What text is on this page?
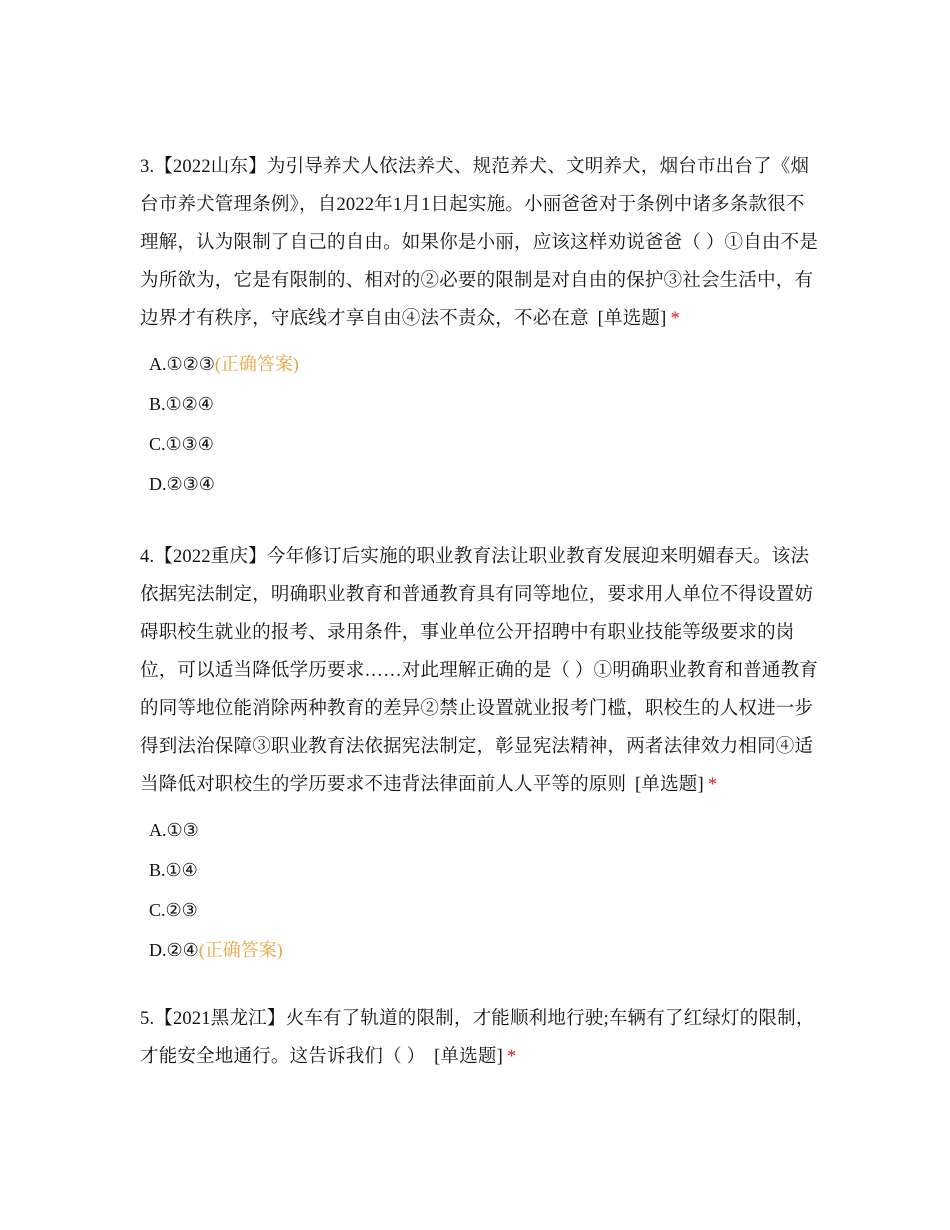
3.【2022山东】为引导养犬人依法养犬、规范养犬、文明养犬，烟台市出台了《烟台市养犬管理条例》，自2022年1月1日起实施。小丽爸爸对于条例中诸多条款很不理解，认为限制了自己的自由。如果你是小丽，应该这样劝说爸爸（ ）①自由不是为所欲为，它是有限制的、相对的②必要的限制是对自由的保护③社会生活中，有边界才有秩序，守底线才享自由④法不责众，不必在意 [单选题] *

A.①②③(正确答案)
B.①②④
C.①③④
D.②③④

4.【2022重庆】今年修订后实施的职业教育法让职业教育发展迎来明媚春天。该法依据宪法制定，明确职业教育和普通教育具有同等地位，要求用人单位不得设置妨碍职校生就业的报考、录用条件，事业单位公开招聘中有职业技能等级要求的岗位，可以适当降低学历要求……对此理解正确的是（ ）①明确职业教育和普通教育的同等地位能消除两种教育的差异②禁止设置就业报考门槛，职校生的人权进一步得到法治保障③职业教育法依据宪法制定，彰显宪法精神，两者法律效力相同④适当降低对职校生的学历要求不违背法律面前人人平等的原则 [单选题] *

A.①③
B.①④
C.②③
D.②④(正确答案)

5.【2021黑龙江】火车有了轨道的限制，才能顺利地行驶;车辆有了红绿灯的限制，才能安全地通行。这告诉我们（ ） [单选题] *
